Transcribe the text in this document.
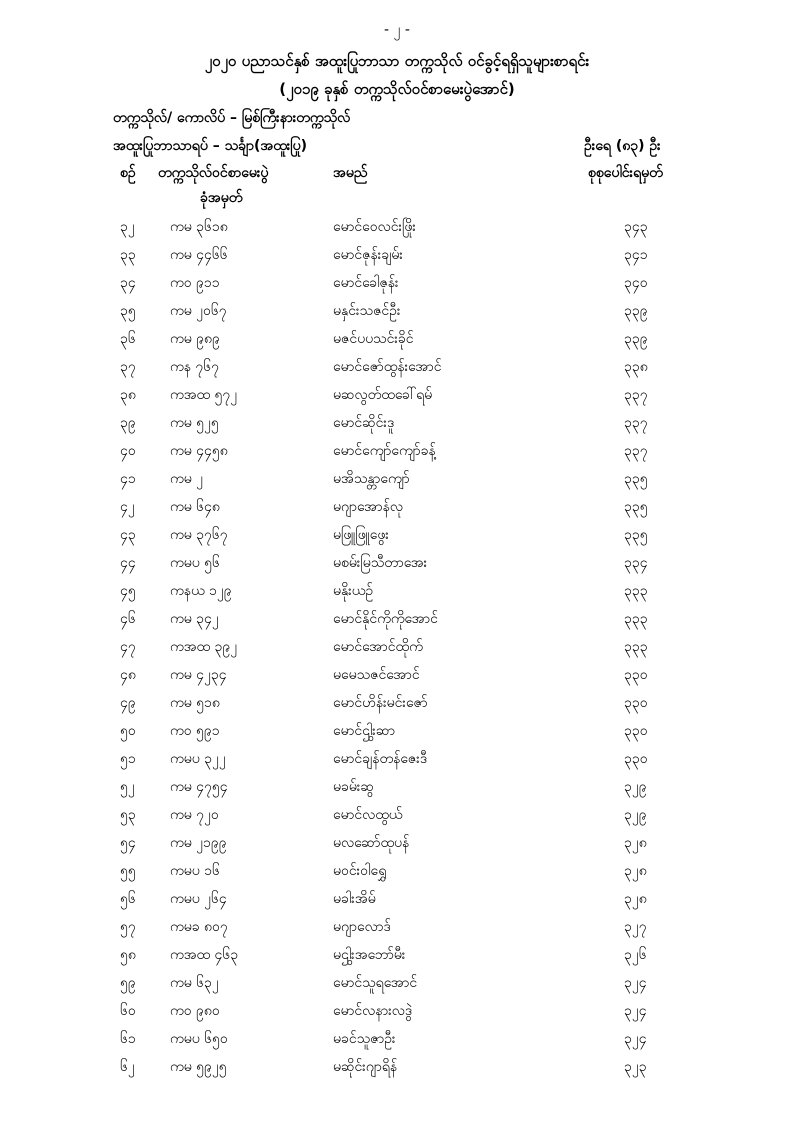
- ၂ -
၂၀၂၀ ပညာသင်နှစ် အထူးပြုဘာသာ တက္ကသိုလ် ဝင်ခွင့်ရရှိသူများစာရင်း
(၂၀၁၉ ခုနှစ် တက္ကသိုလ်ဝင်စာမေးပွဲအောင်)
တက္ကသိုလ်/ ကောလိပ် – မြစ်ကြီးနားတက္ကသိုလ်
အထူးပြုဘာသာရပ် – သင်္ချာ(အထူးပြု)	ဦးရေ (၈၃) ဦး
စဉ် တက္ကသိုလ်ဝင်စာမေးပွဲ
ခုံအမှတ်
အမည်	စုစုပေါင်းရမှတ်
၃၂	ကမ ၃၆၁၈	မောင်ဝေလင်းဖြိုး	၃၄၃
၃၃ ကမ ၄၄၆၆	မောင်ဇုန်းချမ်း	၃၄၁
၃၄ ကဝ ၉၁၁	မောင်ခေါဇုန်း	၃၄၀
၃၅ ကမ ၂၀၆၇	မနှင်းသဇင်ဦး	၃၃၉
၃၆ ကမ ၉၈၉	မဇင်ပပသင်းခိုင်	၃၃၉
၃၇ ကန ၇၆၇	မောင်ဇော်ထွန်းအောင်	၃၃၈
၃၈ ကအထ ၅၇၂	မဆလွတ်ထခေါ်ရမ်	၃၃၇
၃၉ ကမ ၅၂၅	မောင်ဆိုင်းဒူ	၃၃၇
၄၀ ကမ ၄၄၅၈	မောင်ကျော်ကျော်ခန့်	၃၃၇
၄၁ ကမ ၂	မအိသန္တာကျော်	၃၃၅
၄၂	ကမ ၆၄၈	မဂျာအောန်လု	၃၃၅
၄၃ ကမ ၃၇၆၇	မဖြူဖြူဖွေး	၃၃၅
၄၄ ကမပ ၅၆	မစမ်းမြသီတာအေး	၃၃၄
၄၅ ကနယ ၁၂၉	မနိုးယဉ်	၃၃၃
၄၆ ကမ ၃၄၂	မောင်နိုင်ကိုကိုအောင်	၃၃၃
၄၇ ကအထ ၃၉၂	မောင်အောင်ထိုက်	၃၃၃
၄၈ ကမ ၄၂၃၄	မမေသဇင်အောင်	၃၃၀
၄၉ ကမ ၅၁၈	မောင်ဟိန်းမင်းဇော်	၃၃၀
၅၀ ကဝ ၅၉၁	မောင်ဌွါးဆာ	၃၃၀
၅၁ ကမပ ၃၂၂	မောင်ချန်တန်ဇေးဒီ	၃၃၀
၅၂	ကမ ၄၇၅၄	မခမ်းဆွ	၃၂၉
၅၃ ကမ ၇၂၀	မောင်လထွယ်	၃၂၉
၅၄ ကမ ၂၁၉၉	မလဆော်ထုပန်	၃၂၈
၅၅ ကမပ ၁၆	မဝင်းဝါရွှေ	၃၂၈
၅၆ ကမပ ၂၆၄	မခါးအိမ်	၃၂၈
၅၇ ကမခ ၈၀၇	မဂျာလောဒ်	၃၂၇
၅၈ ကအထ ၄၆၃	မဌွါးအဘော်မီး	၃၂၆
၅၉ ကမ ၆၃၂	မောင်သူရအောင်	၃၂၄
၆၀ ကဝ ၉၈၀	မောင်လနားလဒွဲ	၃၂၄
၆၁ ကမပ ၆၅၀	မခင်သူဇာဦး	၃၂၄
၆၂	ကမ ၅၉၂၅	မဆိုင်းဂျာရိန်	၃၂၃
